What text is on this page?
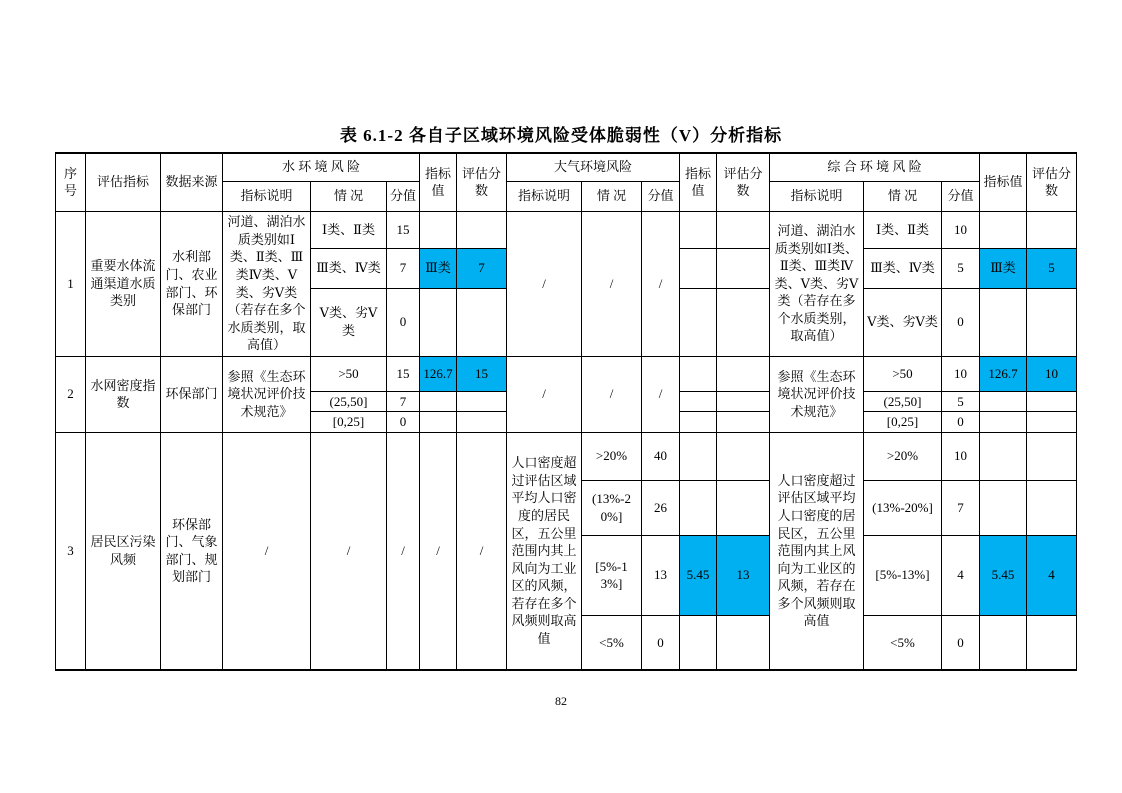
表 6.1-2 各自子区域环境风险受体脆弱性（V）分析指标
序号	评估指标	数据来源	水 环 境 风 险			指标值	评估分数	大气环境风险			指标值	评估分数	综 合 环 境 风 险			指标值	评估分数
			指标说明	情 况	分值			指标说明	情 况	分值			指标说明	情 况	分值		
1	重要水体流通渠道水质类别	水利部门、农业部门、环保部门	河道、湖泊水质类别如Ⅰ类、Ⅱ类、Ⅲ类Ⅳ类、Ⅴ类、劣Ⅴ类（若存在多个水质类别，取高值）	Ⅰ类、Ⅱ类	15			/	/	/			河道、湖泊水质类别如Ⅰ类、Ⅱ类、Ⅲ类Ⅳ类、Ⅴ类、劣Ⅴ类（若存在多个水质类别，取高值）	Ⅰ类、Ⅱ类	10		
				Ⅲ类、Ⅳ类	7	Ⅲ类	7							Ⅲ类、Ⅳ类	5	Ⅲ类	5
				Ⅴ类、劣Ⅴ类	0									Ⅴ类、劣Ⅴ类	0		
2	水网密度指数	环保部门	参照《生态环境状况评价技术规范》	>50	15	126.7	15	/	/	/			参照《生态环境状况评价技术规范》	>50	10	126.7	10
				(25,50]	7									(25,50]	5		
				[0,25]	0									[0,25]	0		
3	居民区污染风频	环保部门、气象部门、规划部门	/	/	/	/	/	人口密度超过评估区域平均人口密度的居民区，五公里范围内其上风向为工业区的风频，若存在多个风频则取高值	>20%	40			人口密度超过评估区域平均人口密度的居民区，五公里范围内其上风向为工业区的风频，若存在多个风频则取高值	>20%	10		
									(13%-20%]	26				(13%-20%]	7		
									[5%-13%]	13	5.45	13		[5%-13%]	4	5.45	4
									<5%	0				<5%	0		
82
